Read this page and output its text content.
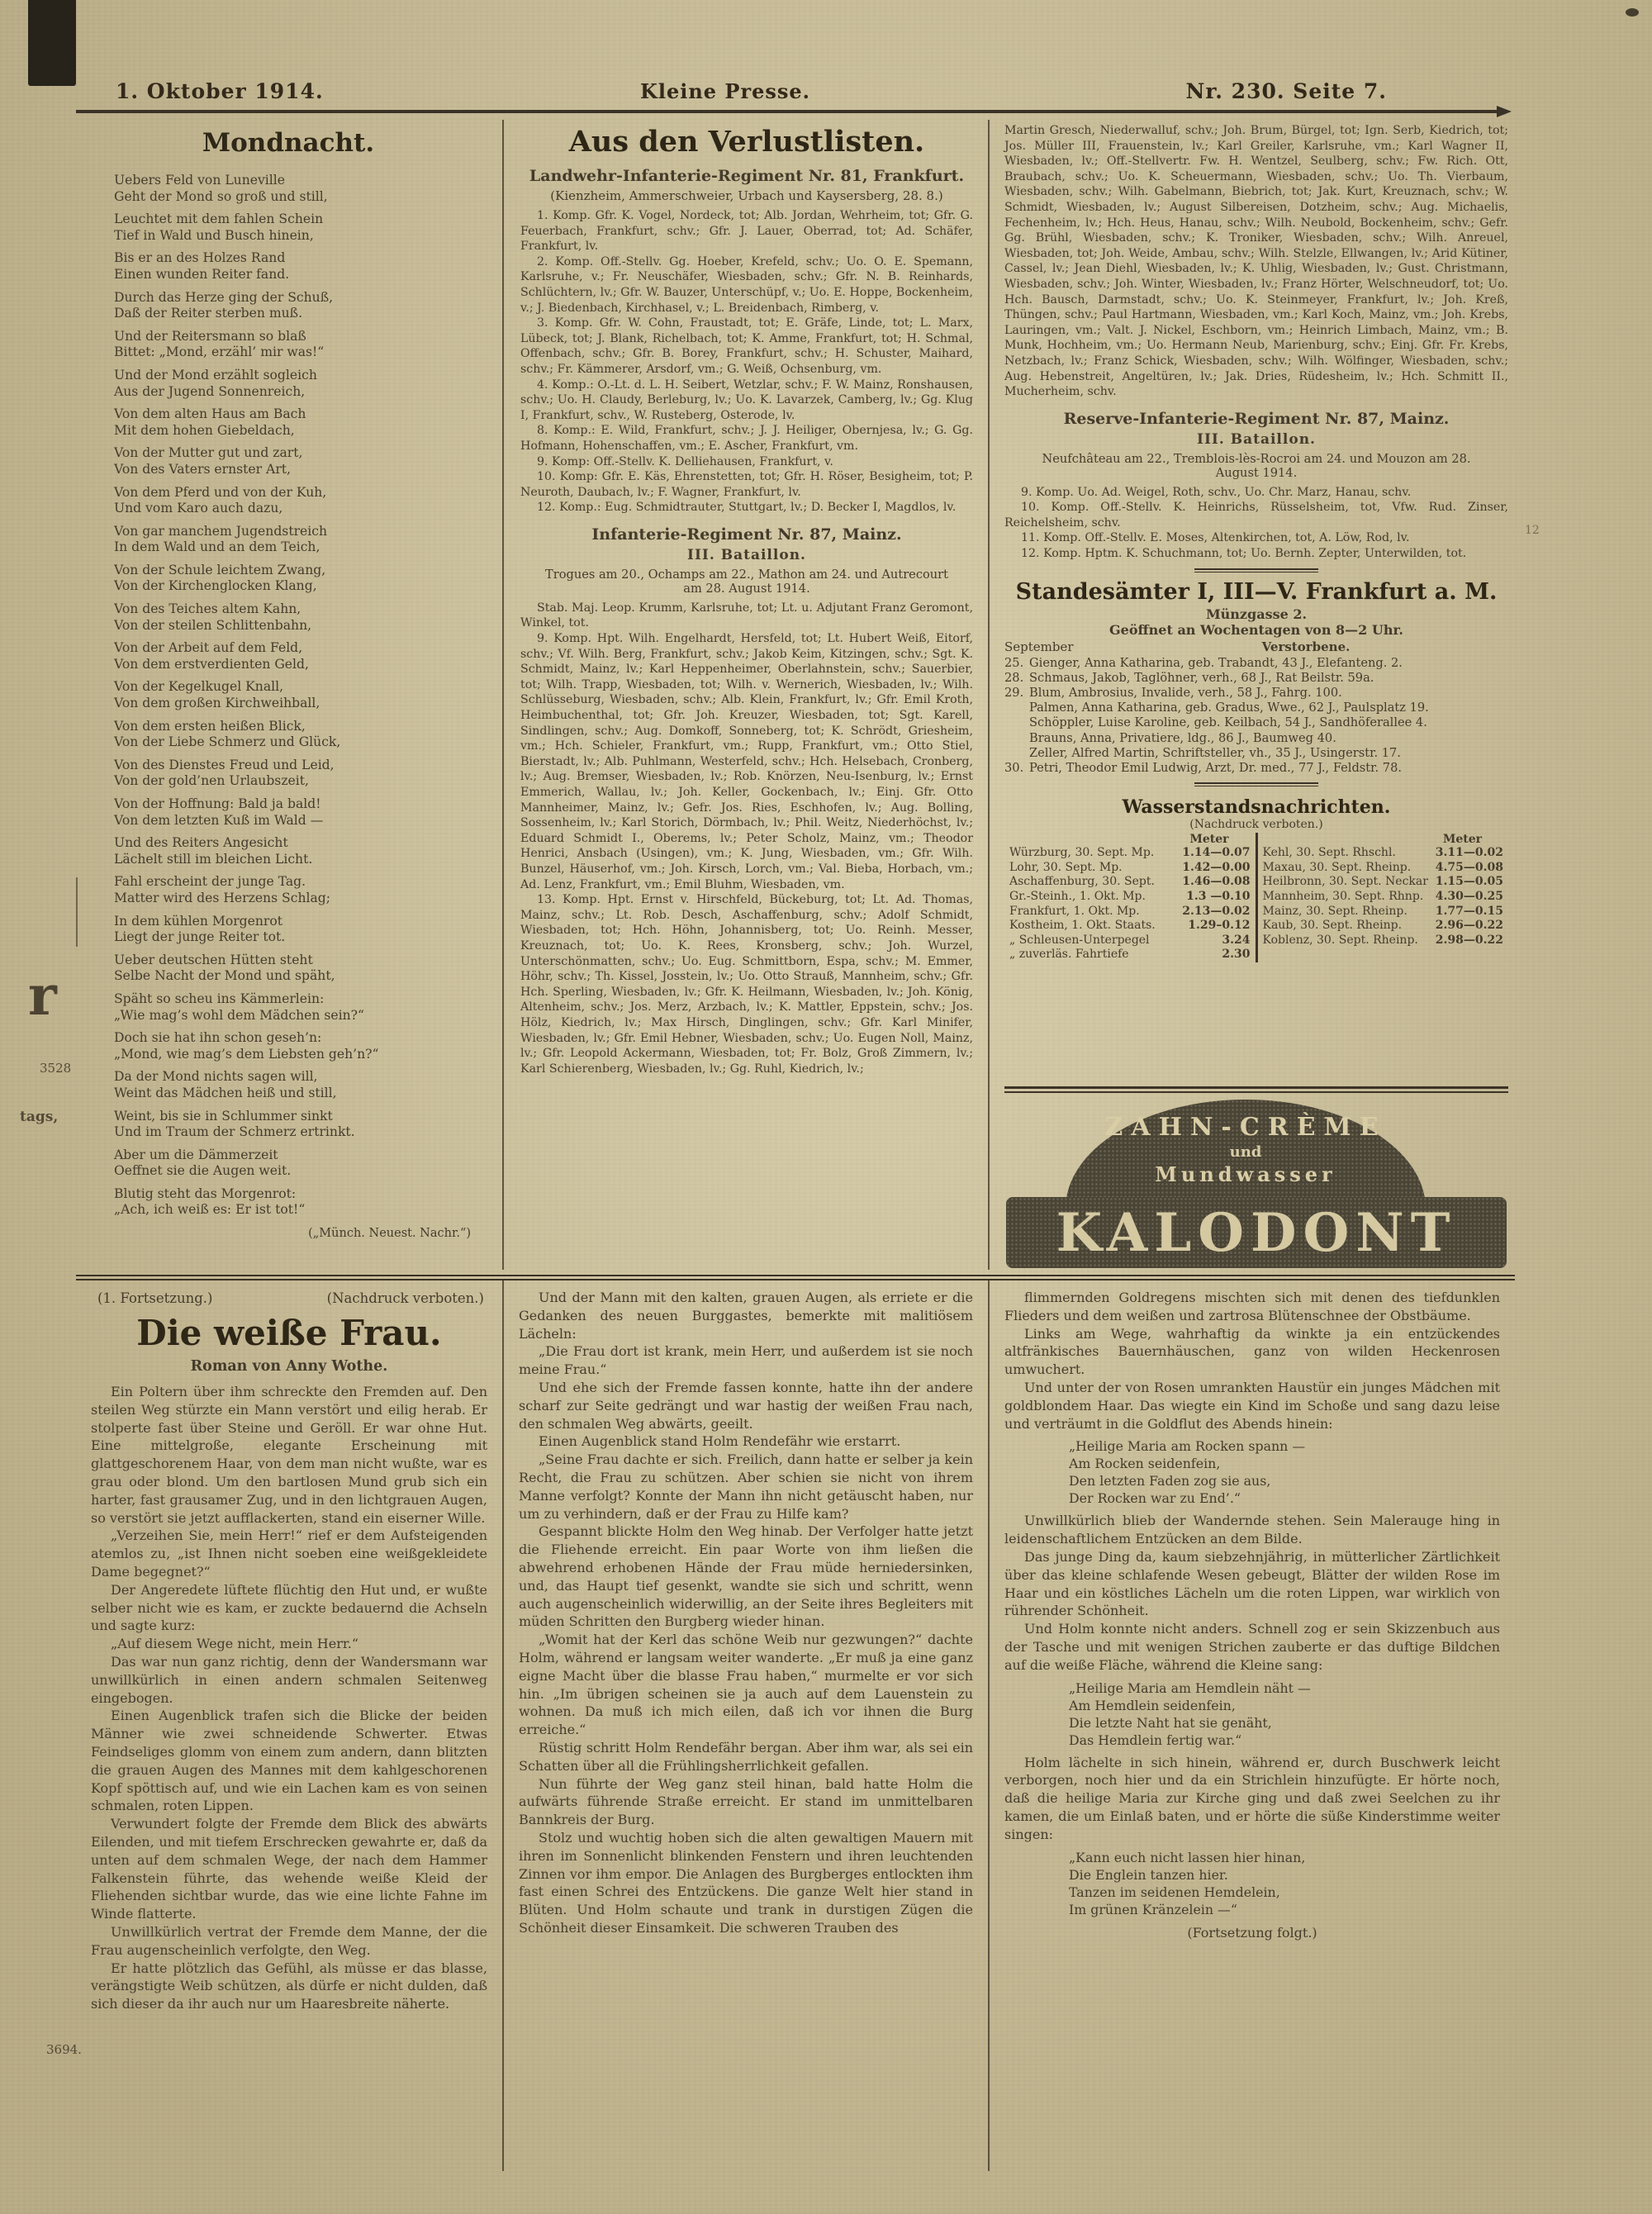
r
3528
tags,
3694.
12
1. Oktober 1914.	Kleine Presse.	Nr. 230. Seite 7.
Mondnacht.

Uebers Feld von Luneville
Geht der Mond so groß und still,

Leuchtet mit dem fahlen Schein
Tief in Wald und Busch hinein,

Bis er an des Holzes Rand
Einen wunden Reiter fand.

Durch das Herze ging der Schuß,
Daß der Reiter sterben muß.

Und der Reitersmann so blaß
Bittet: „Mond, erzähl’ mir was!“

Und der Mond erzählt sogleich
Aus der Jugend Sonnenreich,

Von dem alten Haus am Bach
Mit dem hohen Giebeldach,

Von der Mutter gut und zart,
Von des Vaters ernster Art,

Von dem Pferd und von der Kuh,
Und vom Karo auch dazu,

Von gar manchem Jugendstreich
In dem Wald und an dem Teich,

Von der Schule leichtem Zwang,
Von der Kirchenglocken Klang,

Von des Teiches altem Kahn,
Von der steilen Schlittenbahn,

Von der Arbeit auf dem Feld,
Von dem erstverdienten Geld,

Von der Kegelkugel Knall,
Von dem großen Kirchweihball,

Von dem ersten heißen Blick,
Von der Liebe Schmerz und Glück,

Von des Dienstes Freud und Leid,
Von der gold’nen Urlaubszeit,

Von der Hoffnung: Bald ja bald!
Von dem letzten Kuß im Wald —

Und des Reiters Angesicht
Lächelt still im bleichen Licht.

Fahl erscheint der junge Tag.
Matter wird des Herzens Schlag;

In dem kühlen Morgenrot
Liegt der junge Reiter tot.

Ueber deutschen Hütten steht
Selbe Nacht der Mond und späht,

Späht so scheu ins Kämmerlein:
„Wie mag’s wohl dem Mädchen sein?“

Doch sie hat ihn schon geseh’n:
„Mond, wie mag’s dem Liebsten geh’n?“

Da der Mond nichts sagen will,
Weint das Mädchen heiß und still,

Weint, bis sie in Schlummer sinkt
Und im Traum der Schmerz ertrinkt.

Aber um die Dämmerzeit
Oeffnet sie die Augen weit.

Blutig steht das Morgenrot:
„Ach, ich weiß es: Er ist tot!“

(„Münch. Neuest. Nachr.“)
Aus den Verlustlisten.
Landwehr-Infanterie-Regiment Nr. 81, Frankfurt.
(Kienzheim, Ammerschweier, Urbach und Kaysersberg, 28. 8.)

1. Komp. Gfr. K. Vogel, Nordeck, tot; Alb. Jordan, Wehrheim, tot; Gfr. G. Feuerbach, Frankfurt, schv.; Gfr. J. Lauer, Oberrad, tot; Ad. Schäfer, Frankfurt, lv.

2. Komp. Off.-Stellv. Gg. Hoeber, Krefeld, schv.; Uo. O. E. Spemann, Karlsruhe, v.; Fr. Neuschäfer, Wiesbaden, schv.; Gfr. N. B. Reinhards, Schlüchtern, lv.; Gfr. W. Bauzer, Unterschüpf, v.; Uo. E. Hoppe, Bockenheim, v.; J. Biedenbach, Kirchhasel, v.; L. Breidenbach, Rimberg, v.

3. Komp. Gfr. W. Cohn, Fraustadt, tot; E. Gräfe, Linde, tot; L. Marx, Lübeck, tot; J. Blank, Richelbach, tot; K. Amme, Frankfurt, tot; H. Schmal, Offenbach, schv.; Gfr. B. Borey, Frankfurt, schv.; H. Schuster, Maihard, schv.; Fr. Kämmerer, Arsdorf, vm.; G. Weiß, Ochsenburg, vm.

4. Komp.: O.-Lt. d. L. H. Seibert, Wetzlar, schv.; F. W. Mainz, Ronshausen, schv.; Uo. H. Claudy, Berleburg, lv.; Uo. K. Lavarzek, Camberg, lv.; Gg. Klug I, Frankfurt, schv., W. Rusteberg, Osterode, lv.

8. Komp.: E. Wild, Frankfurt, schv.; J. J. Heiliger, Obernjesa, lv.; G. Gg. Hofmann, Hohenschaffen, vm.; E. Ascher, Frankfurt, vm.

9. Komp: Off.-Stellv. K. Delliehausen, Frankfurt, v.

10. Komp: Gfr. E. Käs, Ehrenstetten, tot; Gfr. H. Röser, Besigheim, tot; P. Neuroth, Daubach, lv.; F. Wagner, Frankfurt, lv.

12. Komp.: Eug. Schmidtrauter, Stuttgart, lv.; D. Becker I, Magdlos, lv.

Infanterie-Regiment Nr. 87, Mainz.
III. Bataillon.
Trogues am 20., Ochamps am 22., Mathon am 24. und Autrecourt am 28. August 1914.

Stab. Maj. Leop. Krumm, Karlsruhe, tot; Lt. u. Adjutant Franz Geromont, Winkel, tot.

9. Komp. Hpt. Wilh. Engelhardt, Hersfeld, tot; Lt. Hubert Weiß, Eitorf, schv.; Vf. Wilh. Berg, Frankfurt, schv.; Jakob Keim, Kitzingen, schv.; Sgt. K. Schmidt, Mainz, lv.; Karl Heppenheimer, Oberlahnstein, schv.; Sauerbier, tot; Wilh. Trapp, Wiesbaden, tot; Wilh. v. Wernerich, Wiesbaden, lv.; Wilh. Schlüsseburg, Wiesbaden, schv.; Alb. Klein, Frankfurt, lv.; Gfr. Emil Kroth, Heimbuchenthal, tot; Gfr. Joh. Kreuzer, Wiesbaden, tot; Sgt. Karell, Sindlingen, schv.; Aug. Domkoff, Sonneberg, tot; K. Schrödt, Griesheim, vm.; Hch. Schieler, Frankfurt, vm.; Rupp, Frankfurt, vm.; Otto Stiel, Bierstadt, lv.; Alb. Puhlmann, Westerfeld, schv.; Hch. Helsebach, Cronberg, lv.; Aug. Bremser, Wiesbaden, lv.; Rob. Knörzen, Neu-Isenburg, lv.; Ernst Emmerich, Wallau, lv.; Joh. Keller, Gockenbach, lv.; Einj. Gfr. Otto Mannheimer, Mainz, lv.; Gefr. Jos. Ries, Eschhofen, lv.; Aug. Bolling, Sossenheim, lv.; Karl Storich, Dörmbach, lv.; Phil. Weitz, Niederhöchst, lv.; Eduard Schmidt I., Oberems, lv.; Peter Scholz, Mainz, vm.; Theodor Henrici, Ansbach (Usingen), vm.; K. Jung, Wiesbaden, vm.; Gfr. Wilh. Bunzel, Häuserhof, vm.; Joh. Kirsch, Lorch, vm.; Val. Bieba, Horbach, vm.; Ad. Lenz, Frankfurt, vm.; Emil Bluhm, Wiesbaden, vm.

13. Komp. Hpt. Ernst v. Hirschfeld, Bückeburg, tot; Lt. Ad. Thomas, Mainz, schv.; Lt. Rob. Desch, Aschaffenburg, schv.; Adolf Schmidt, Wiesbaden, tot; Hch. Höhn, Johannisberg, tot; Uo. Reinh. Messer, Kreuznach, tot; Uo. K. Rees, Kronsberg, schv.; Joh. Wurzel, Unterschönmatten, schv.; Uo. Eug. Schmittborn, Espa, schv.; M. Emmer, Höhr, schv.; Th. Kissel, Josstein, lv.; Uo. Otto Strauß, Mannheim, schv.; Gfr. Hch. Sperling, Wiesbaden, lv.; Gfr. K. Heilmann, Wiesbaden, lv.; Joh. König, Altenheim, schv.; Jos. Merz, Arzbach, lv.; K. Mattler, Eppstein, schv.; Jos. Hölz, Kiedrich, lv.; Max Hirsch, Dinglingen, schv.; Gfr. Karl Minifer, Wiesbaden, lv.; Gfr. Emil Hebner, Wiesbaden, schv.; Uo. Eugen Noll, Mainz, lv.; Gfr. Leopold Ackermann, Wiesbaden, tot; Fr. Bolz, Groß Zimmern, lv.; Karl Schierenberg, Wiesbaden, lv.; Gg. Ruhl, Kiedrich, lv.;

Martin Gresch, Niederwalluf, schv.; Joh. Brum, Bürgel, tot; Ign. Serb, Kiedrich, tot; Jos. Müller III, Frauenstein, lv.; Karl Greiler, Karlsruhe, vm.; Karl Wagner II, Wiesbaden, lv.; Off.-Stellvertr. Fw. H. Wentzel, Seulberg, schv.; Fw. Rich. Ott, Braubach, schv.; Uo. K. Scheuermann, Wiesbaden, schv.; Uo. Th. Vierbaum, Wiesbaden, schv.; Wilh. Gabelmann, Biebrich, tot; Jak. Kurt, Kreuznach, schv.; W. Schmidt, Wiesbaden, lv.; August Silbereisen, Dotzheim, schv.; Aug. Michaelis, Fechenheim, lv.; Hch. Heus, Hanau, schv.; Wilh. Neubold, Bockenheim, schv.; Gefr. Gg. Brühl, Wiesbaden, schv.; K. Troniker, Wiesbaden, schv.; Wilh. Anreuel, Wiesbaden, tot; Joh. Weide, Ambau, schv.; Wilh. Stelzle, Ellwangen, lv.; Arid Kütiner, Cassel, lv.; Jean Diehl, Wiesbaden, lv.; K. Uhlig, Wiesbaden, lv.; Gust. Christmann, Wiesbaden, schv.; Joh. Winter, Wiesbaden, lv.; Franz Hörter, Welschneudorf, tot; Uo. Hch. Bausch, Darmstadt, schv.; Uo. K. Steinmeyer, Frankfurt, lv.; Joh. Kreß, Thüngen, schv.; Paul Hartmann, Wiesbaden, vm.; Karl Koch, Mainz, vm.; Joh. Krebs, Lauringen, vm.; Valt. J. Nickel, Eschborn, vm.; Heinrich Limbach, Mainz, vm.; B. Munk, Hochheim, vm.; Uo. Hermann Neub, Marienburg, schv.; Einj. Gfr. Fr. Krebs, Netzbach, lv.; Franz Schick, Wiesbaden, schv.; Wilh. Wölfinger, Wiesbaden, schv.; Aug. Hebenstreit, Angeltüren, lv.; Jak. Dries, Rüdesheim, lv.; Hch. Schmitt II., Mucherheim, schv.

Reserve-Infanterie-Regiment Nr. 87, Mainz.
III. Bataillon.
Neufchâteau am 22., Tremblois-lès-Rocroi am 24. und Mouzon am 28. August 1914.

9. Komp. Uo. Ad. Weigel, Roth, schv., Uo. Chr. Marz, Hanau, schv.

10. Komp. Off.-Stellv. K. Heinrichs, Rüsselsheim, tot, Vfw. Rud. Zinser, Reichelsheim, schv.

11. Komp. Off.-Stellv. E. Moses, Altenkirchen, tot, A. Löw, Rod, lv.

12. Komp. Hptm. K. Schuchmann, tot; Uo. Bernh. Zepter, Unterwilden, tot.

Standesämter I, III—V. Frankfurt a. M.
Münzgasse 2.
Geöffnet an Wochentagen von 8—2 Uhr.
September	Verstorbene.
25. Gienger, Anna Katharina, geb. Trabandt, 43 J., Elefanteng. 2.
28. Schmaus, Jakob, Taglöhner, verh., 68 J., Rat Beilstr. 59a.
29. Blum, Ambrosius, Invalide, verh., 58 J., Fahrg. 100.
Palmen, Anna Katharina, geb. Gradus, Wwe., 62 J., Paulsplatz 19.
Schöppler, Luise Karoline, geb. Keilbach, 54 J., Sandhöferallee 4.
Brauns, Anna, Privatiere, ldg., 86 J., Baumweg 40.
Zeller, Alfred Martin, Schriftsteller, vh., 35 J., Usingerstr. 17.
30. Petri, Theodor Emil Ludwig, Arzt, Dr. med., 77 J., Feldstr. 78.
Wasserstandsnachrichten.
(Nachdruck verboten.)
Meter
Würzburg, 30. Sept. Mp. 1.14—0.07
Lohr, 30. Sept. Mp.	1.42—0.00
Aschaffenburg, 30. Sept. 1.46—0.08
Gr.-Steinh., 1. Okt. Mp.	1.3 —0.10
Frankfurt, 1. Okt. Mp.	2.13—0.02
Kostheim, 1. Okt. Staats.	1.29–0.12
„ Schleusen-Unterpegel	3.24
„ zuverläs. Fahrtiefe	2.30
Meter
Kehl, 30. Sept. Rhschl.	3.11—0.02
Maxau, 30. Sept. Rheinp. 4.75—0.08
Heilbronn, 30. Sept. Neckar 1.15—0.05
Mannheim, 30. Sept. Rhnp. 4.30—0.25
Mainz, 30. Sept. Rheinp. 1.77—0.15
Kaub, 30. Sept. Rheinp.	2.96—0.22
Koblenz, 30. Sept. Rheinp. 2.98—0.22
ZAHN-CRÈME
und
Mundwasser
KALODONT
(1. Fortsetzung.)	(Nachdruck verboten.)
Die weiße Frau.
Roman von Anny Wothe.

Ein Poltern über ihm schreckte den Fremden auf. Den steilen Weg stürzte ein Mann verstört und eilig herab. Er stolperte fast über Steine und Geröll. Er war ohne Hut. Eine mittelgroße, elegante Erscheinung mit glattgeschorenem Haar, von dem man nicht wußte, war es grau oder blond. Um den bartlosen Mund grub sich ein harter, fast grausamer Zug, und in den lichtgrauen Augen, so verstört sie jetzt aufflackerten, stand ein eiserner Wille.

„Verzeihen Sie, mein Herr!“ rief er dem Aufsteigenden atemlos zu, „ist Ihnen nicht soeben eine weißgekleidete Dame begegnet?“

Der Angeredete lüftete flüchtig den Hut und, er wußte selber nicht wie es kam, er zuckte bedauernd die Achseln und sagte kurz:

„Auf diesem Wege nicht, mein Herr.“

Das war nun ganz richtig, denn der Wandersmann war unwillkürlich in einen andern schmalen Seitenweg eingebogen.

Einen Augenblick trafen sich die Blicke der beiden Männer wie zwei schneidende Schwerter. Etwas Feindseliges glomm von einem zum andern, dann blitzten die grauen Augen des Mannes mit dem kahlgeschorenen Kopf spöttisch auf, und wie ein Lachen kam es von seinen schmalen, roten Lippen.

Verwundert folgte der Fremde dem Blick des abwärts Eilenden, und mit tiefem Erschrecken gewahrte er, daß da unten auf dem schmalen Wege, der nach dem Hammer Falkenstein führte, das wehende weiße Kleid der Fliehenden sichtbar wurde, das wie eine lichte Fahne im Winde flatterte.

Unwillkürlich vertrat der Fremde dem Manne, der die Frau augenscheinlich verfolgte, den Weg.

Er hatte plötzlich das Gefühl, als müsse er das blasse, verängstigte Weib schützen, als dürfe er nicht dulden, daß sich dieser da ihr auch nur um Haaresbreite näherte.

Und der Mann mit den kalten, grauen Augen, als erriete er die Gedanken des neuen Burggastes, bemerkte mit malitiösem Lächeln:

„Die Frau dort ist krank, mein Herr, und außerdem ist sie noch meine Frau.“

Und ehe sich der Fremde fassen konnte, hatte ihn der andere scharf zur Seite gedrängt und war hastig der weißen Frau nach, den schmalen Weg abwärts, geeilt.

Einen Augenblick stand Holm Rendefähr wie erstarrt.

„Seine Frau dachte er sich. Freilich, dann hatte er selber ja kein Recht, die Frau zu schützen. Aber schien sie nicht von ihrem Manne verfolgt? Konnte der Mann ihn nicht getäuscht haben, nur um zu verhindern, daß er der Frau zu Hilfe kam?

Gespannt blickte Holm den Weg hinab. Der Verfolger hatte jetzt die Fliehende erreicht. Ein paar Worte von ihm ließen die abwehrend erhobenen Hände der Frau müde herniedersinken, und, das Haupt tief gesenkt, wandte sie sich und schritt, wenn auch augenscheinlich widerwillig, an der Seite ihres Begleiters mit müden Schritten den Burgberg wieder hinan.

„Womit hat der Kerl das schöne Weib nur gezwungen?“ dachte Holm, während er langsam weiter wanderte. „Er muß ja eine ganz eigne Macht über die blasse Frau haben,“ murmelte er vor sich hin. „Im übrigen scheinen sie ja auch auf dem Lauenstein zu wohnen. Da muß ich mich eilen, daß ich vor ihnen die Burg erreiche.“

Rüstig schritt Holm Rendefähr bergan. Aber ihm war, als sei ein Schatten über all die Frühlingsherrlichkeit gefallen.

Nun führte der Weg ganz steil hinan, bald hatte Holm die aufwärts führende Straße erreicht. Er stand im unmittelbaren Bannkreis der Burg.

Stolz und wuchtig hoben sich die alten gewaltigen Mauern mit ihren im Sonnenlicht blinkenden Fenstern und ihren leuchtenden Zinnen vor ihm empor. Die Anlagen des Burgberges entlockten ihm fast einen Schrei des Entzückens. Die ganze Welt hier stand in Blüten. Und Holm schaute und trank in durstigen Zügen die Schönheit dieser Einsamkeit. Die schweren Trauben des

flimmernden Goldregens mischten sich mit denen des tiefdunklen Flieders und dem weißen und zartrosa Blütenschnee der Obstbäume.

Links am Wege, wahrhaftig da winkte ja ein entzückendes altfränkisches Bauernhäuschen, ganz von wilden Heckenrosen umwuchert.

Und unter der von Rosen umrankten Haustür ein junges Mädchen mit goldblondem Haar. Das wiegte ein Kind im Schoße und sang dazu leise und verträumt in die Goldflut des Abends hinein:

„Heilige Maria am Rocken spann —
Am Rocken seidenfein,
Den letzten Faden zog sie aus,
Der Rocken war zu End’.“

Unwillkürlich blieb der Wandernde stehen. Sein Malerauge hing in leidenschaftlichem Entzücken an dem Bilde.

Das junge Ding da, kaum siebzehnjährig, in mütterlicher Zärtlichkeit über das kleine schlafende Wesen gebeugt, Blätter der wilden Rose im Haar und ein köstliches Lächeln um die roten Lippen, war wirklich von rührender Schönheit.

Und Holm konnte nicht anders. Schnell zog er sein Skizzenbuch aus der Tasche und mit wenigen Strichen zauberte er das duftige Bildchen auf die weiße Fläche, während die Kleine sang:

„Heilige Maria am Hemdlein näht —
Am Hemdlein seidenfein,
Die letzte Naht hat sie genäht,
Das Hemdlein fertig war.“

Holm lächelte in sich hinein, während er, durch Buschwerk leicht verborgen, noch hier und da ein Strichlein hinzufügte. Er hörte noch, daß die heilige Maria zur Kirche ging und daß zwei Seelchen zu ihr kamen, die um Einlaß baten, und er hörte die süße Kinderstimme weiter singen:

„Kann euch nicht lassen hier hinan,
Die Englein tanzen hier.
Tanzen im seidenen Hemdelein,
Im grünen Kränzelein —“
(Fortsetzung folgt.)
